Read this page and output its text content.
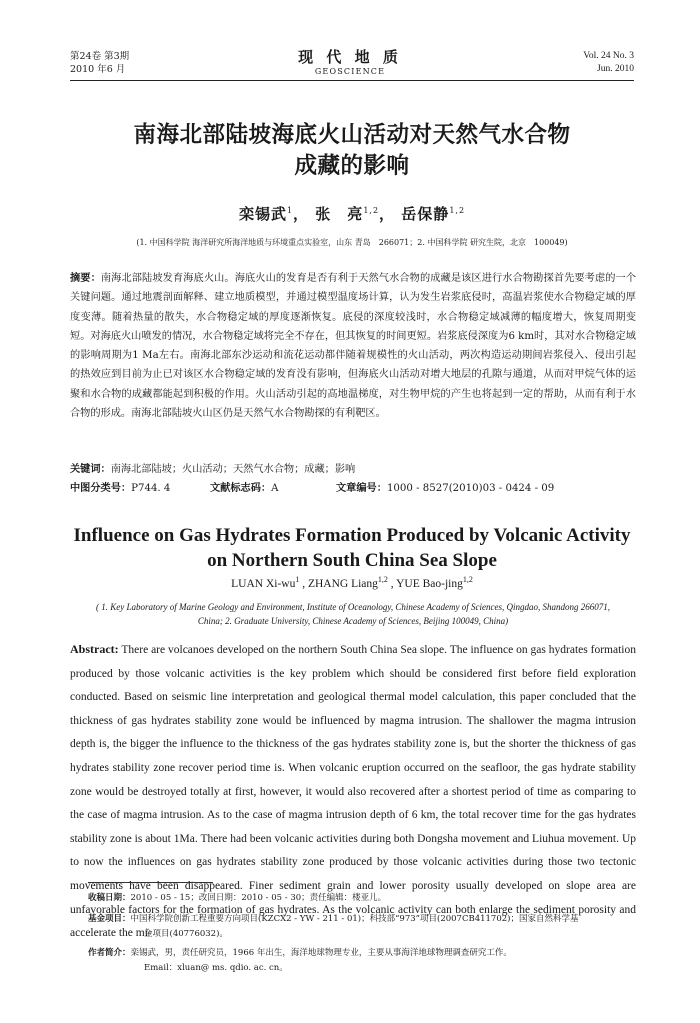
第24卷 第3期
2010 年6 月
现 代 地 质
GEOSCIENCE
Vol. 24 No. 3
Jun. 2010
南海北部陆坡海底火山活动对天然气水合物
成藏的影响
栾锡武$^1$， 张　亮$^{1,2}$， 岳保静$^{1,2}$
(1. 中国科学院 海洋研究所海洋地质与环境重点实验室，山东 青岛　266071；2. 中国科学院 研究生院，北京　100049)
摘要：南海北部陆坡发育海底火山。海底火山的发育是否有利于天然气水合物的成藏是该区进行水合物勘探首先要考虑的一个关键问题。通过地震剖面解释、建立地质模型，并通过模型温度场计算，认为发生岩浆底侵时，高温岩浆使水合物稳定域的厚度变薄。随着热量的散失，水合物稳定域的厚度逐渐恢复。底侵的深度较浅时，水合物稳定域减薄的幅度增大，恢复周期变短。对海底火山喷发的情况，水合物稳定域将完全不存在，但其恢复的时间更短。岩浆底侵深度为6 km时，其对水合物稳定域的影响周期为1 Ma左右。南海北部东沙运动和流花运动都伴随着规模性的火山活动，两次构造运动期间岩浆侵入、侵出引起的热效应到目前为止已对该区水合物稳定域的发育没有影响，但海底火山活动对增大地层的孔隙与通道，从而对甲烷气体的运聚和水合物的成藏都能起到积极的作用。火山活动引起的高地温梯度，对生物甲烷的产生也将起到一定的帮助，从而有利于水合物的形成。南海北部陆坡火山区仍是天然气水合物勘探的有利靶区。
关键词：南海北部陆坡；火山活动；天然气水合物；成藏；影响
中图分类号：P744. 4	文献标志码：A	文章编号：1000 - 8527(2010)03 - 0424 - 09
Influence on Gas Hydrates Formation Produced by Volcanic Activity
on Northern South China Sea Slope
LUAN $Xi-wu^1$ , ZHANG Liang$^{1,2}$ , YUE Bao-jing$^{1,2}$
( 1. Key Laboratory of Marine Geology and Environment, Institute of Oceanology, Chinese Academy of Sciences, Qingdao, Shandong 266071, China; 2. Graduate University, Chinese Academy of Sciences, Beijing 100049, China)
Abstract: There are volcanoes developed on the northern South China Sea slope. The influence on gas hydrates formation produced by those volcanic activities is the key problem which should be considered first before field exploration conducted. Based on seismic line interpretation and geological thermal model calculation, this paper concluded that the thickness of gas hydrates stability zone would be influenced by magma intrusion. The shallower the magma intrusion depth is, the bigger the influence to the thickness of the gas hydrates stability zone is, but the shorter the thickness of gas hydrates stability zone recover period time is. When volcanic eruption occurred on the seafloor, the gas hydrate stability zone would be destroyed totally at first, however, it would also recovered after a shortest period of time as comparing to the case of magma intrusion. As to the case of magma intrusion depth of 6 km, the total recover time for the gas hydrates stability zone is about 1Ma. There had been volcanic activities during both Dongsha movement and Liuhua movement. Up to now the influences on gas hydrates stability zone produced by those volcanic activities during those two tectonic movements have been disappeared. Finer sediment grain and lower porosity usually developed on slope area are unfavorable factors for the formation of gas hydrates. As the volcanic activity can both enlarge the sediment porosity and accelerate the mi-
收稿日期：2010 - 05 - 15；改回日期：2010 - 05 - 30；责任编辑：楼亚儿。
基金项目：中国科学院创新工程重要方向项目(KZCX2 - YW - 211 - 01)；科技部“973”项目(2007CB411702)；国家自然科学基
金项目(40776032)。
作者简介：栾锡武，男，责任研究员，1966 年出生，海洋地球物理专业，主要从事海洋地球物理调查研究工作。
Email：xluan@ ms. qdio. ac. cn。
